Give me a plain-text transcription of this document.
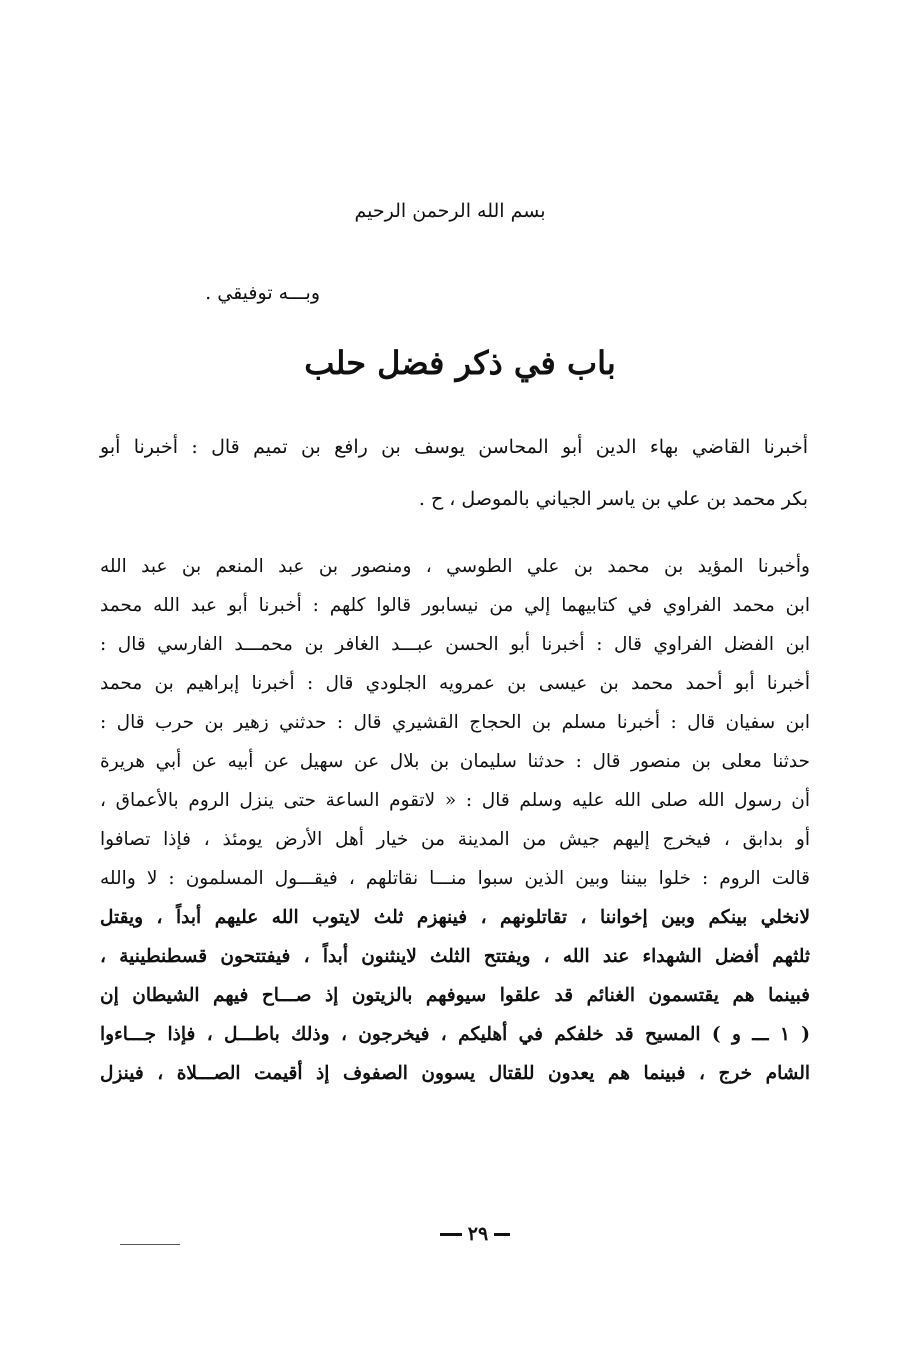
بسم الله الرحمن الرحيم
وبـــه توفيقي .
باب في ذكر فضل حلب
أخبرنا القاضي بهاء الدين أبو المحاسن يوسف بن رافع بن تميم قال : أخبرنا أبو
بكر محمد بن علي بن ياسر الجياني بالموصل ، ح .
وأخبرنا المؤيد بن محمد بن علي الطوسي ، ومنصور بن عبد المنعم بن عبد الله
ابن محمد الفراوي في كتابيهما إلي من نيسابور قالوا كلهم : أخبرنا أبو عبد الله محمد
ابن الفضل الفراوي قال : أخبرنا أبو الحسن عبـــد الغافر بن محمـــد الفارسي قال :
أخبرنا أبو أحمد محمد بن عيسى بن عمرويه الجلودي قال : أخبرنا إبراهيم بن محمد
ابن سفيان قال : أخبرنا مسلم بن الحجاج القشيري قال : حدثني زهير بن حرب قال :
حدثنا معلى بن منصور قال : حدثنا سليمان بن بلال عن سهيل عن أبيه عن أبي هريرة
أن رسول الله صلى الله عليه وسلم قال : « لاتقوم الساعة حتى ينزل الروم بالأعماق ،
أو بدابق ، فيخرج إليهم جيش من المدينة من خيار أهل الأرض يومئذ ، فإذا تصافوا
قالت الروم : خلوا بيننا وبين الذين سبوا منـــا نقاتلهم ، فيقـــول المسلمون : لا والله
لانخلي بينكم وبين إخواننا ، تقاتلونهم ، فينهزم ثلث لايتوب الله عليهم أبداً ، ويقتل
ثلثهم أفضل الشهداء عند الله ، ويفتتح الثلث لاينثنون أبداً ، فيفتتحون قسطنطينية ،
فبينما هم يقتسمون الغنائم قد علقوا سيوفهم بالزيتون إذ صـــاح فيهم الشيطان إن
( ١ ـــ و ) المسيح قد خلفكم في أهليكم ، فيخرجون ، وذلك باطـــل ، فإذا جـــاءوا
الشام خرج ، فبينما هم يعدون للقتال يسوون الصفوف إذ أقيمت الصـــلاة ، فينزل
٢٩
